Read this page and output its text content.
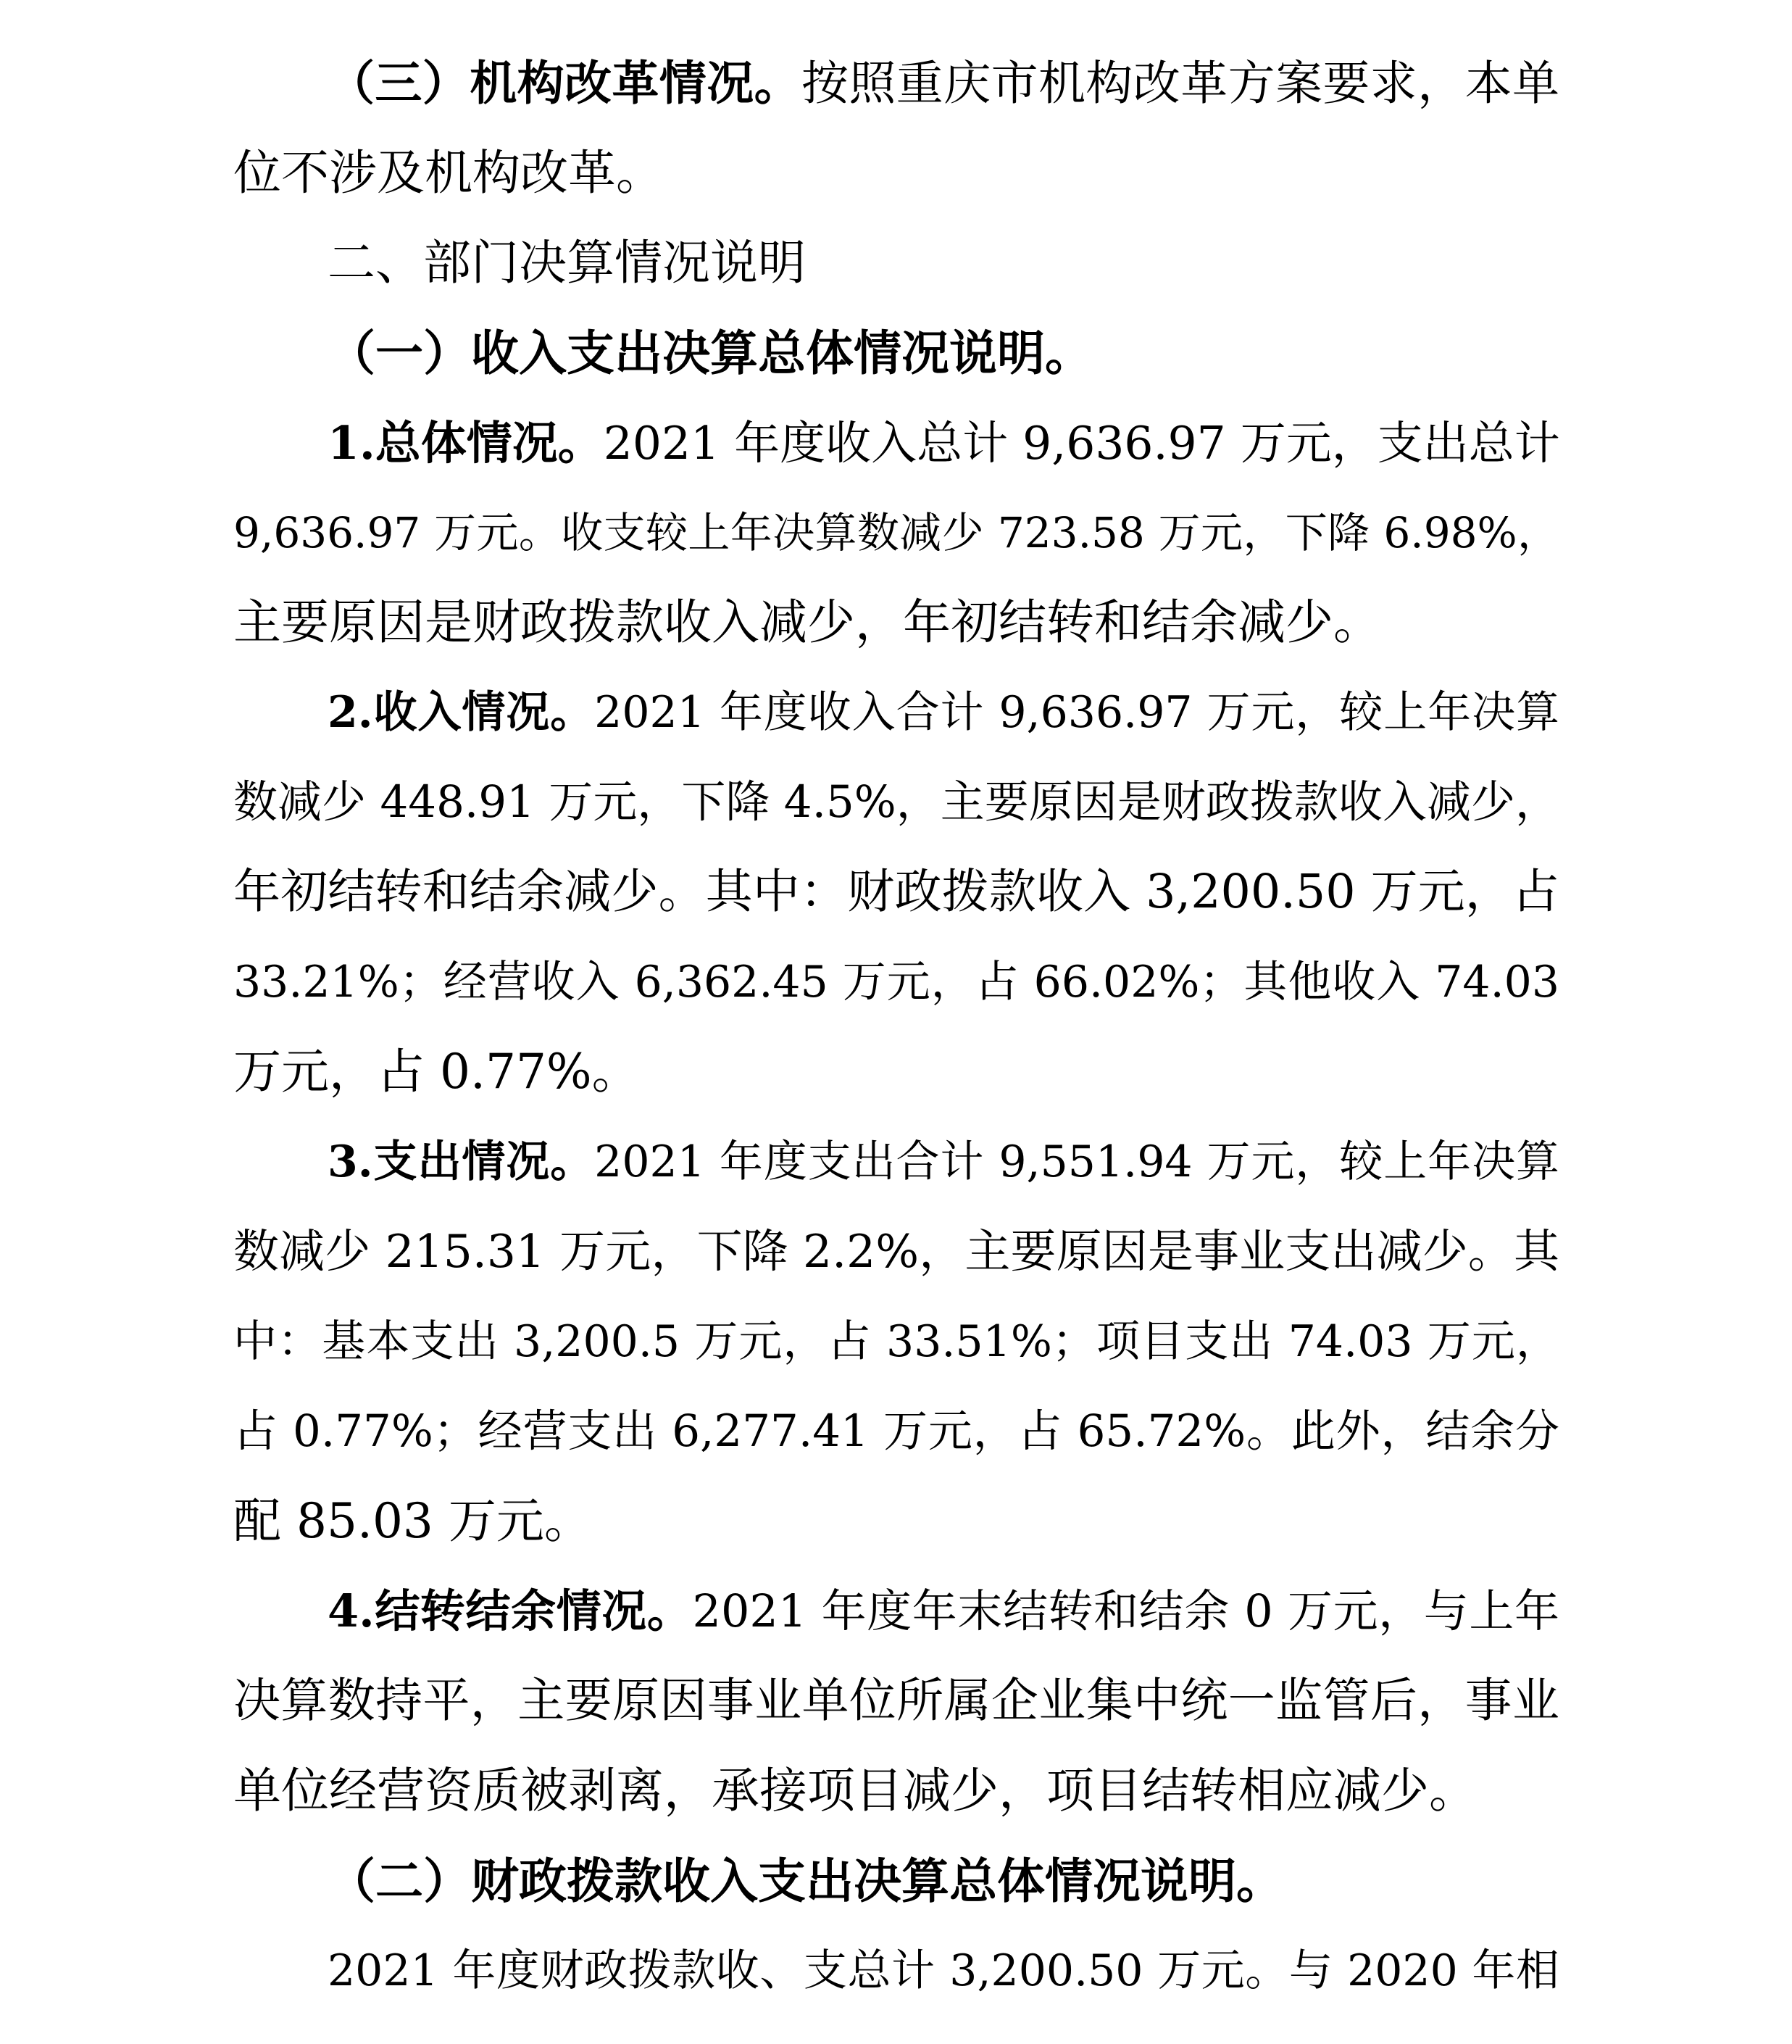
（三）机构改革情况。按照重庆市机构改革方案要求，本单
位不涉及机构改革。
二、部门决算情况说明
（一）收入支出决算总体情况说明。
1.总体情况。2021 年度收入总计 9,636.97 万元，支出总计
9,636.97 万元。收支较上年决算数减少 723.58 万元，下降 6.98%，
主要原因是财政拨款收入减少，年初结转和结余减少。
2.收入情况。2021 年度收入合计 9,636.97 万元，较上年决算
数减少 448.91 万元，下降 4.5%，主要原因是财政拨款收入减少，
年初结转和结余减少。其中：财政拨款收入 3,200.50 万元，占
33.21%；经营收入 6,362.45 万元，占 66.02%；其他收入 74.03
万元，占 0.77%。
3.支出情况。2021 年度支出合计 9,551.94 万元，较上年决算
数减少 215.31 万元，下降 2.2%，主要原因是事业支出减少。其
中：基本支出 3,200.5 万元，占 33.51%；项目支出 74.03 万元，
占 0.77%；经营支出 6,277.41 万元，占 65.72%。此外，结余分
配 85.03 万元。
4.结转结余情况。2021 年度年末结转和结余 0 万元，与上年
决算数持平，主要原因事业单位所属企业集中统一监管后，事业
单位经营资质被剥离，承接项目减少，项目结转相应减少。
（二）财政拨款收入支出决算总体情况说明。
2021 年度财政拨款收、支总计 3,200.50 万元。与 2020 年相
